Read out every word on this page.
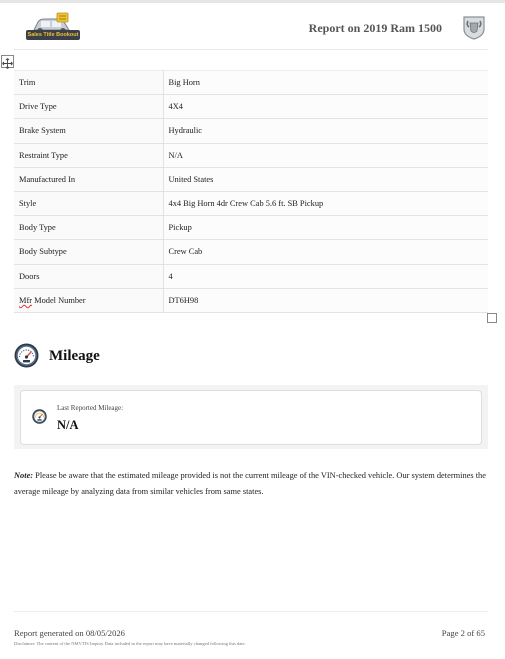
Sales Title Bookout	Report on 2019 Ram 1500
Trim	Big Horn
Drive Type	4X4
Brake System	Hydraulic
Restraint Type	N/A
Manufactured In	United States
Style	4x4 Big Horn 4dr Crew Cab 5.6 ft. SB Pickup
Body Type	Pickup
Body Subtype	Crew Cab
Doors	4
Mfr Model Number	DT6H98
Mileage
Last Reported Mileage:
N/A
Note: Please be aware that the estimated mileage provided is not the current mileage of the VIN-checked vehicle. Our system determines the average mileage by analyzing data from similar vehicles from same states.
Report generated on 08/05/2026	Page 2 of 65
Disclaimer: The content of the NMVTIS Inquiry Data included in the report may have materially changed following this date.
